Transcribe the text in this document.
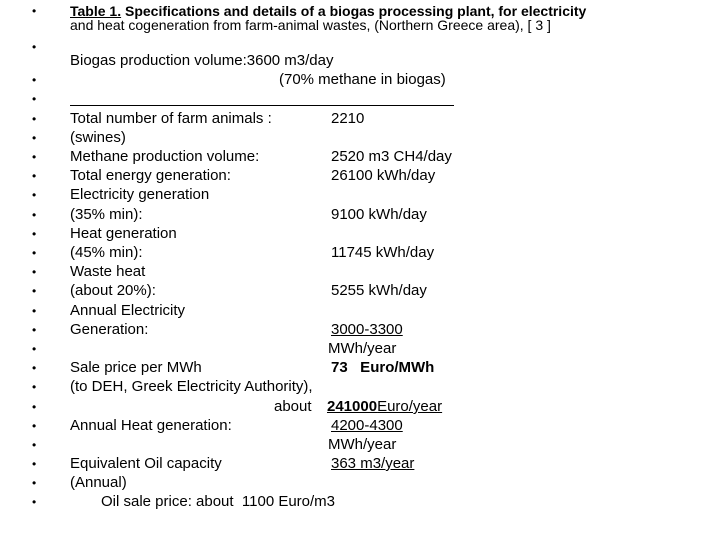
•
•
•
•
•
•
•
•
•
•
•
•
•
•
•
•
•
•
•
•
•
•
•
•
•
Table 1. Specifications and details of a biogas processing plant, for electricity
and heat cogeneration from farm-animal wastes, (Northern Greece area), [ 3 ]
Biogas production volume:3600 m3/day
(70% methane in biogas)
Total number of farm animals :	2210
(swines)
Methane production volume:	2520 m3 CH4/day
Total energy generation:	26100 kWh/day
Electricity generation
(35% min):	9100 kWh/day
Heat generation
(45% min):	11745 kWh/day
Waste heat
(about 20%):	5255 kWh/day
Annual Electricity
Generation:	3000-3300
MWh/year
Sale price per MWh	73   Euro/MWh
(to DEH, Greek Electricity Authority),
about 241000Euro/year
Annual Heat generation:	4200-4300
MWh/year
Equivalent Oil capacity	363 m3/year
(Annual)
Oil sale price: about  1100 Euro/m3
